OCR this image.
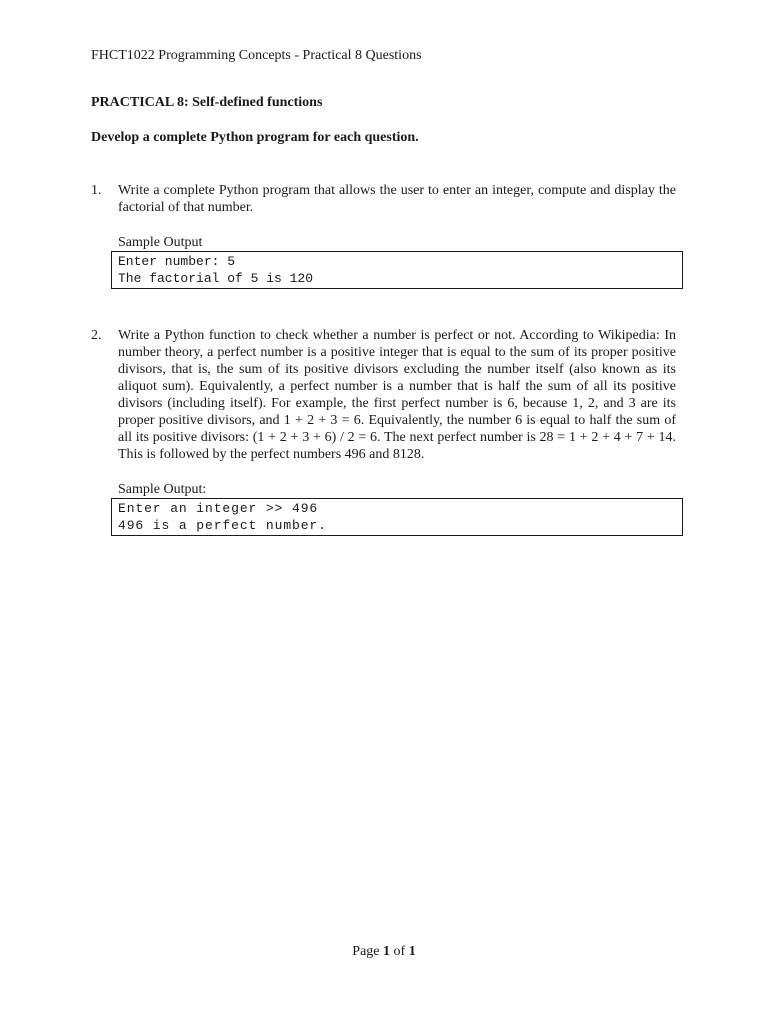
FHCT1022 Programming Concepts - Practical 8 Questions
PRACTICAL 8: Self-defined functions
Develop a complete Python program for each question.
1. Write a complete Python program that allows the user to enter an integer, compute and display the factorial of that number.

Sample Output

Enter number: 5
The factorial of 5 is 120
2. Write a Python function to check whether a number is perfect or not. According to Wikipedia: In number theory, a perfect number is a positive integer that is equal to the sum of its proper positive divisors, that is, the sum of its positive divisors excluding the number itself (also known as its aliquot sum). Equivalently, a perfect number is a number that is half the sum of all its positive divisors (including itself). For example, the first perfect number is 6, because 1, 2, and 3 are its proper positive divisors, and 1 + 2 + 3 = 6. Equivalently, the number 6 is equal to half the sum of all its positive divisors: (1 + 2 + 3 + 6) / 2 = 6. The next perfect number is 28 = 1 + 2 + 4 + 7 + 14. This is followed by the perfect numbers 496 and 8128.

Sample Output:

Enter an integer >> 496
496 is a perfect number.
Page 1 of 1
